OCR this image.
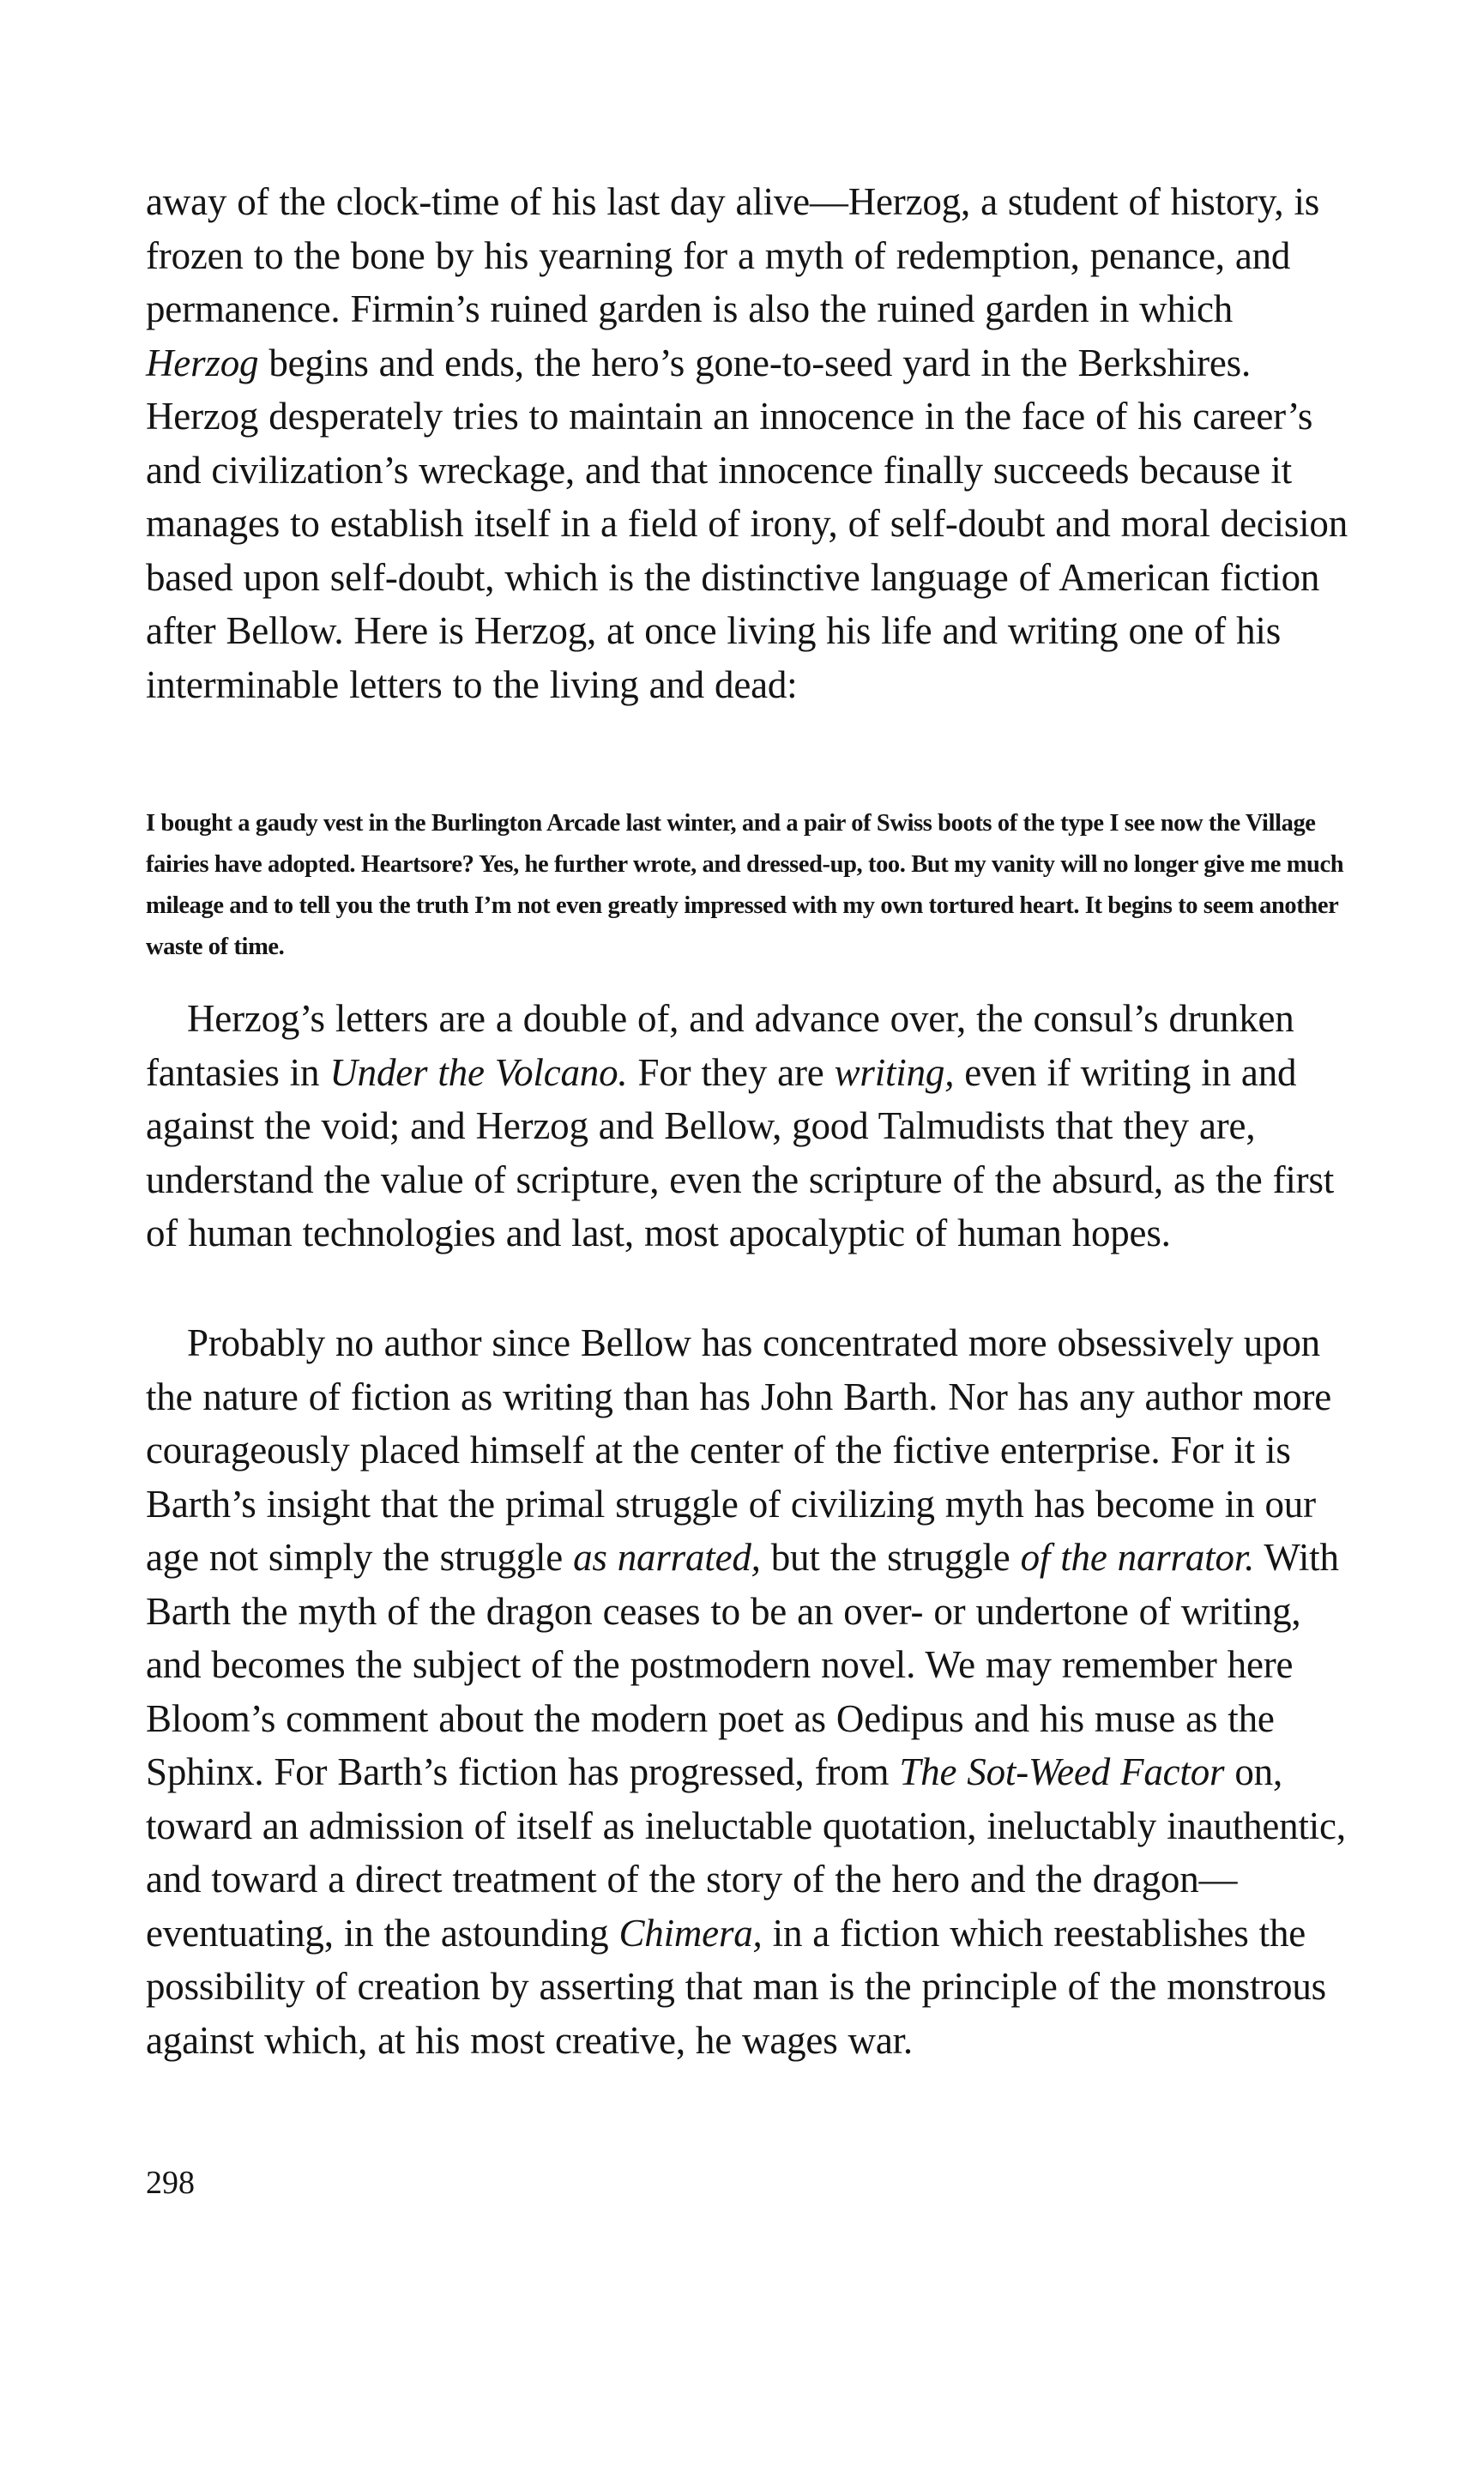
away of the clock-time of his last day alive—Herzog, a student of history, is frozen to the bone by his yearning for a myth of redemption, penance, and permanence. Firmin’s ruined garden is also the ruined garden in which Herzog begins and ends, the hero’s gone-to-seed yard in the Berkshires. Herzog desperately tries to maintain an innocence in the face of his career’s and civilization’s wreckage, and that innocence finally succeeds because it manages to establish itself in a field of irony, of self-doubt and moral decision based upon self-doubt, which is the distinctive language of American fiction after Bellow. Here is Herzog, at once living his life and writing one of his interminable letters to the living and dead:

I bought a gaudy vest in the Burlington Arcade last winter, and a pair of Swiss boots of the type I see now the Village fairies have adopted. Heartsore? Yes, he further wrote, and dressed-up, too. But my vanity will no longer give me much mileage and to tell you the truth I’m not even greatly impressed with my own tortured heart. It begins to seem another waste of time.

Herzog’s letters are a double of, and advance over, the consul’s drunken fantasies in Under the Volcano. For they are writing, even if writing in and against the void; and Herzog and Bellow, good Talmudists that they are, understand the value of scripture, even the scripture of the absurd, as the first of human technologies and last, most apocalyptic of human hopes.

Probably no author since Bellow has concentrated more obsessively upon the nature of fiction as writing than has John Barth. Nor has any author more courageously placed himself at the center of the fictive enterprise. For it is Barth’s insight that the primal struggle of civilizing myth has become in our age not simply the struggle as narrated, but the struggle of the narrator. With Barth the myth of the dragon ceases to be an over- or undertone of writing, and becomes the subject of the postmodern novel. We may remember here Bloom’s comment about the modern poet as Oedipus and his muse as the Sphinx. For Barth’s fiction has progressed, from The Sot-Weed Factor on, toward an admission of itself as ineluctable quotation, ineluctably inauthentic, and toward a direct treatment of the story of the hero and the dragon—eventuating, in the astounding Chimera, in a fiction which reestablishes the possibility of creation by asserting that man is the principle of the monstrous against which, at his most creative, he wages war.

298
